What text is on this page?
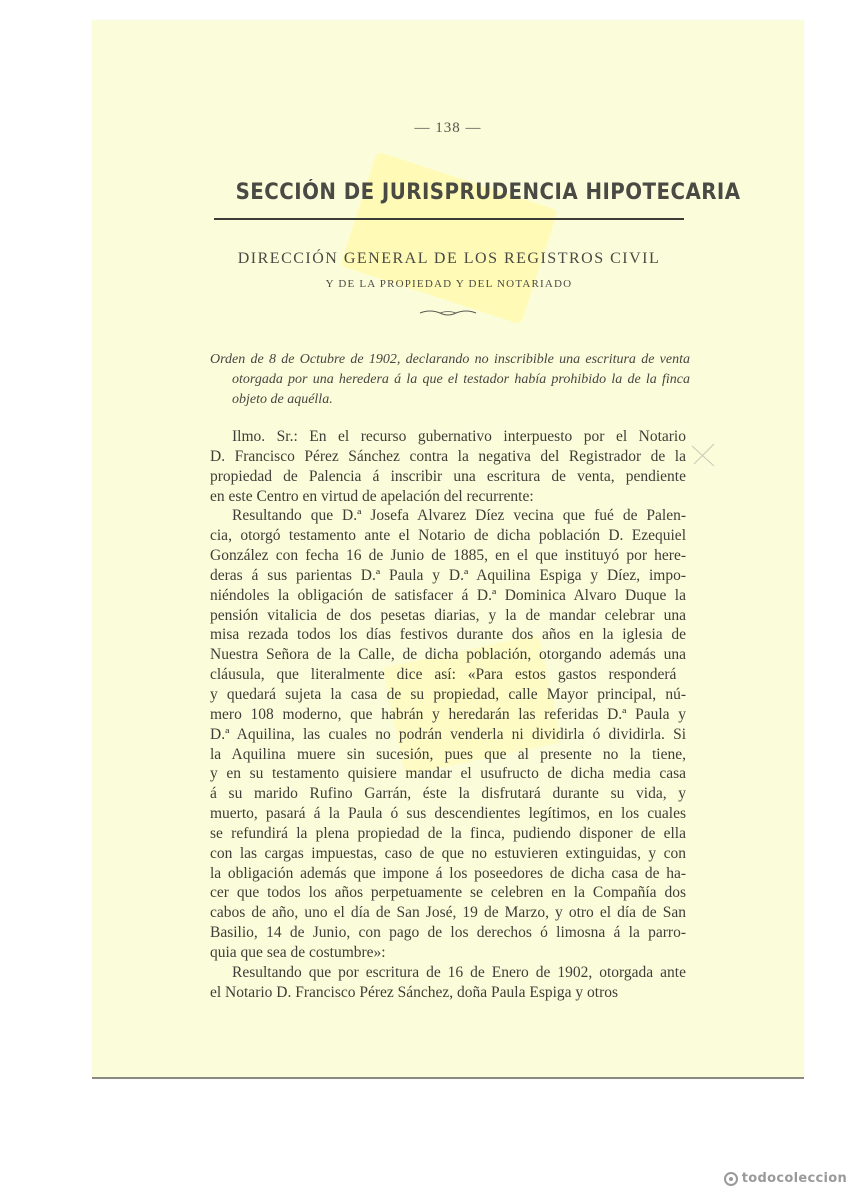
— 138 —
SECCIÓN DE JURISPRUDENCIA HIPOTECARIA
DIRECCIÓN GENERAL DE LOS REGISTROS CIVIL
Y DE LA PROPIEDAD Y DEL NOTARIADO

Orden de 8 de Octubre de 1902, declarando no inscribible una escritura de venta otorgada por una heredera á la que el testador había prohibido la de la finca objeto de aquélla.

Ilmo. Sr.: En el recurso gubernativo interpuesto por el Notario
D. Francisco Pérez Sánchez contra la negativa del Registrador de la
propiedad de Palencia á inscribir una escritura de venta, pendiente
en este Centro en virtud de apelación del recurrente:
Resultando que D.ª Josefa Alvarez Díez vecina que fué de Palen-
cia, otorgó testamento ante el Notario de dicha población D. Ezequiel
González con fecha 16 de Junio de 1885, en el que instituyó por here-
deras á sus parientas D.ª Paula y D.ª Aquilina Espiga y Díez, impo-
niéndoles la obligación de satisfacer á D.ª Dominica Alvaro Duque la
pensión vitalicia de dos pesetas diarias, y la de mandar celebrar una
misa rezada todos los días festivos durante dos años en la iglesia de
Nuestra Señora de la Calle, de dicha población, otorgando además una
cláusula, que literalmente dice así: «Para estos gastos responderá
y quedará sujeta la casa de su propiedad, calle Mayor principal, nú-
mero 108 moderno, que habrán y heredarán las referidas D.ª Paula y
D.ª Aquilina, las cuales no podrán venderla ni dividirla ó dividirla. Si
la Aquilina muere sin sucesión, pues que al presente no la tiene,
y en su testamento quisiere mandar el usufructo de dicha media casa
á su marido Rufino Garrán, éste la disfrutará durante su vida, y
muerto, pasará á la Paula ó sus descendientes legítimos, en los cuales
se refundirá la plena propiedad de la finca, pudiendo disponer de ella
con las cargas impuestas, caso de que no estuvieren extinguidas, y con
la obligación además que impone á los poseedores de dicha casa de ha-
cer que todos los años perpetuamente se celebren en la Compañía dos
cabos de año, uno el día de San José, 19 de Marzo, y otro el día de San
Basilio, 14 de Junio, con pago de los derechos ó limosna á la parro-
quia que sea de costumbre»:
Resultando que por escritura de 16 de Enero de 1902, otorgada ante
el Notario D. Francisco Pérez Sánchez, doña Paula Espiga y otros
todocoleccion
